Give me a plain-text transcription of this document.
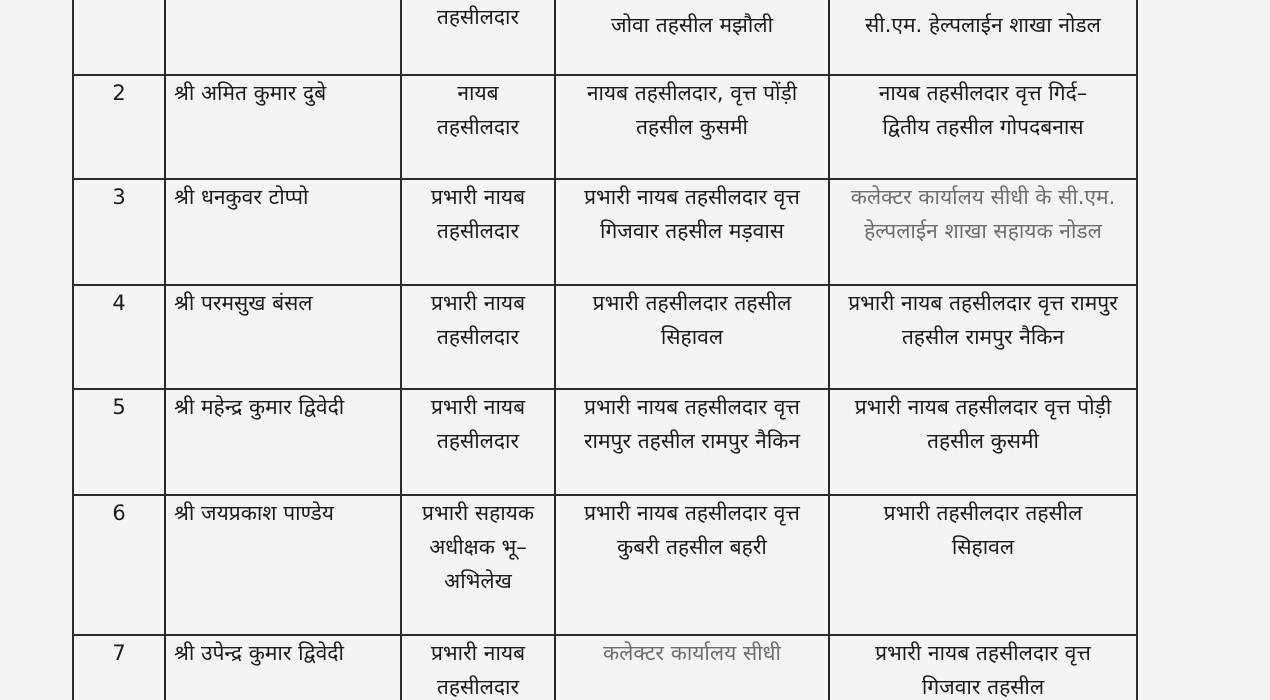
		तहसीलदार	जोवा तहसील मझौली	सी.एम. हेल्पलाईन शाखा नोडल
2	श्री अमित कुमार दुबे	नायब तहसीलदार	नायब तहसीलदार, वृत्त पोंड़ी तहसील कुसमी	नायब तहसीलदार वृत्त गिर्द–द्वितीय तहसील गोपदबनास
3	श्री धनकुवर टोप्पो	प्रभारी नायब तहसीलदार	प्रभारी नायब तहसीलदार वृत्त गिजवार तहसील मड़वास	कलेक्टर कार्यालय सीधी के सी.एम. हेल्पलाईन शाखा सहायक नोडल
4	श्री परमसुख बंसल	प्रभारी नायब तहसीलदार	प्रभारी तहसीलदार तहसील सिहावल	प्रभारी नायब तहसीलदार वृत्त रामपुर तहसील रामपुर नैकिन
5	श्री महेन्द्र कुमार द्विवेदी	प्रभारी नायब तहसीलदार	प्रभारी नायब तहसीलदार वृत्त रामपुर तहसील रामपुर नैकिन	प्रभारी नायब तहसीलदार वृत्त पोड़ी तहसील कुसमी
6	श्री जयप्रकाश पाण्डेय	प्रभारी सहायक अधीक्षक भू–अभिलेख	प्रभारी नायब तहसीलदार वृत्त कुबरी तहसील बहरी	प्रभारी तहसीलदार तहसील सिहावल
7	श्री उपेन्द्र कुमार द्विवेदी	प्रभारी नायब तहसीलदार	कलेक्टर कार्यालय सीधी	प्रभारी नायब तहसीलदार वृत्त गिजवार तहसील
